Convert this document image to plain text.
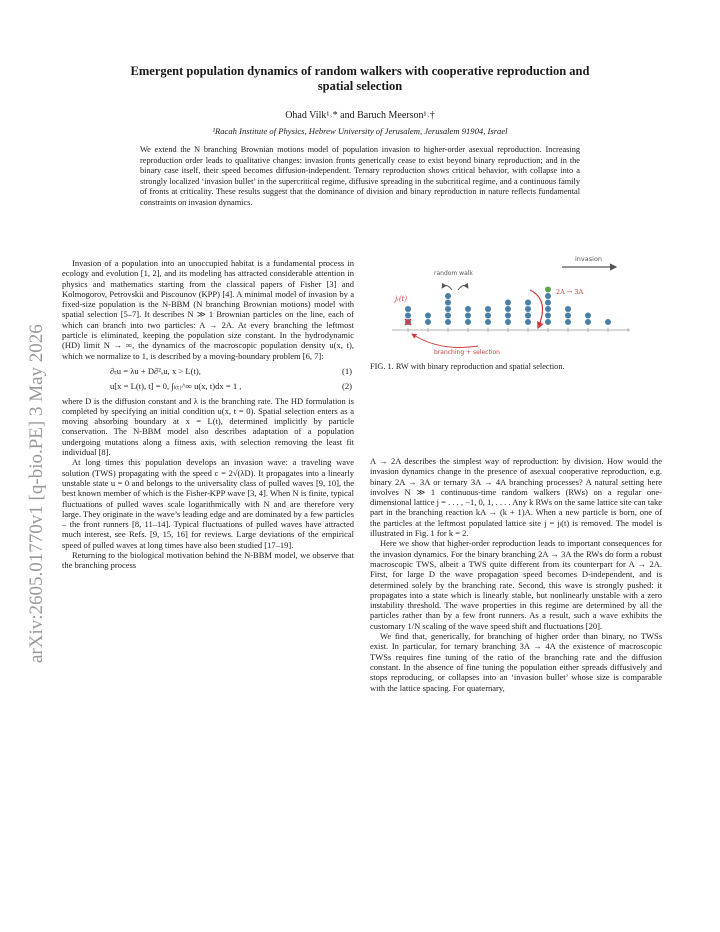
Emergent population dynamics of random walkers with cooperative reproduction and
spatial selection
Ohad Vilk¹˒* and Baruch Meerson¹˒†
¹Racah Institute of Physics, Hebrew University of Jerusalem, Jerusalem 91904, Israel
We extend the N branching Brownian motions model of population invasion to higher-order asexual reproduction. Increasing reproduction order leads to qualitative changes: invasion fronts generically cease to exist beyond binary reproduction; and in the binary case itself, their speed becomes diffusion-independent. Ternary reproduction shows critical behavior, with collapse into a strongly localized ‘invasion bullet’ in the supercritical regime, diffusive spreading in the subcritical regime, and a continuous family of fronts at criticality. These results suggest that the dominance of division and binary reproduction in nature reflects fundamental constraints on invasion dynamics.
arXiv:2605.01770v1 [q-bio.PE] 3 May 2026

Invasion of a population into an unoccupied habitat is a fundamental process in ecology and evolution [1, 2], and its modeling has attracted considerable attention in physics and mathematics starting from the classical papers of Fisher [3] and Kolmogorov, Petrovskii and Piscounov (KPP) [4]. A minimal model of invasion by a fixed-size population is the N-BBM (N branching Brownian motions) model with spatial selection [5–7]. It describes N ≫ 1 Brownian particles on the line, each of which can branch into two particles: A → 2A. At every branching the leftmost particle is eliminated, keeping the population size constant. In the hydrodynamic (HD) limit N → ∞, the dynamics of the macroscopic population density u(x, t), which we normalize to 1, is described by a moving-boundary problem [6, 7]:

∂ₜu = λu + D∂²ₓu, x > L(t),	(1)
u[x = L(t), t] = 0, ∫ₗ₍ₜ₎^∞ u(x, t)dx = 1 ,	(2)

where D is the diffusion constant and λ is the branching rate. The HD formulation is completed by specifying an initial condition u(x, t = 0). Spatial selection enters as a moving absorbing boundary at x = L(t), determined implicitly by particle conservation. The N-BBM model also describes adaptation of a population undergoing mutations along a fitness axis, with selection removing the least fit individual [8].

At long times this population develops an invasion wave: a traveling wave solution (TWS) propagating with the speed c = 2√(λD). It propagates into a linearly unstable state u = 0 and belongs to the universality class of pulled waves [9, 10], the best known member of which is the Fisher-KPP wave [3, 4]. When N is finite, typical fluctuations of pulled waves scale logarithmically with N and are therefore very large. They originate in the wave’s leading edge and are dominated by a few particles – the front runners [8, 11–14]. Typical fluctuations of pulled waves have attracted much interest, see Refs. [9, 15, 16] for reviews. Large deviations of the empirical speed of pulled waves at long times have also been studied [17–19].

Returning to the biological motivation behind the N-BBM model, we observe that the branching process

invasion
random walk
jₗ(t)
2A → 3A
branching + selection
FIG. 1. RW with binary reproduction and spatial selection.

A → 2A describes the simplest way of reproduction: by division. How would the invasion dynamics change in the presence of asexual cooperative reproduction, e.g. binary 2A → 3A or ternary 3A → 4A branching processes? A natural setting here involves N ≫ 1 continuous-time random walkers (RWs) on a regular one-dimensional lattice j = . . . , −1, 0, 1, . . . . Any k RWs on the same lattice site can take part in the branching reaction kA → (k + 1)A. When a new particle is born, one of the particles at the leftmost populated lattice site j = jₗ(t) is removed. The model is illustrated in Fig. 1 for k = 2.

Here we show that higher-order reproduction leads to important consequences for the invasion dynamics. For the binary branching 2A → 3A the RWs do form a robust macroscopic TWS, albeit a TWS quite different from its counterpart for A → 2A. First, for large D the wave propagation speed becomes D-independent, and is determined solely by the branching rate. Second, this wave is strongly pushed: it propagates into a state which is linearly stable, but nonlinearly unstable with a zero instability threshold. The wave properties in this regime are determined by all the particles rather than by a few front runners. As a result, such a wave exhibits the customary 1/N scaling of the wave speed shift and fluctuations [20].

We find that, generically, for branching of higher order than binary, no TWSs exist. In particular, for ternary branching 3A → 4A the existence of macroscopic TWSs requires fine tuning of the ratio of the branching rate and the diffusion constant. In the absence of fine tuning the population either spreads diffusively and stops reproducing, or collapses into an ‘invasion bullet’ whose size is comparable with the lattice spacing. For quaternary,
